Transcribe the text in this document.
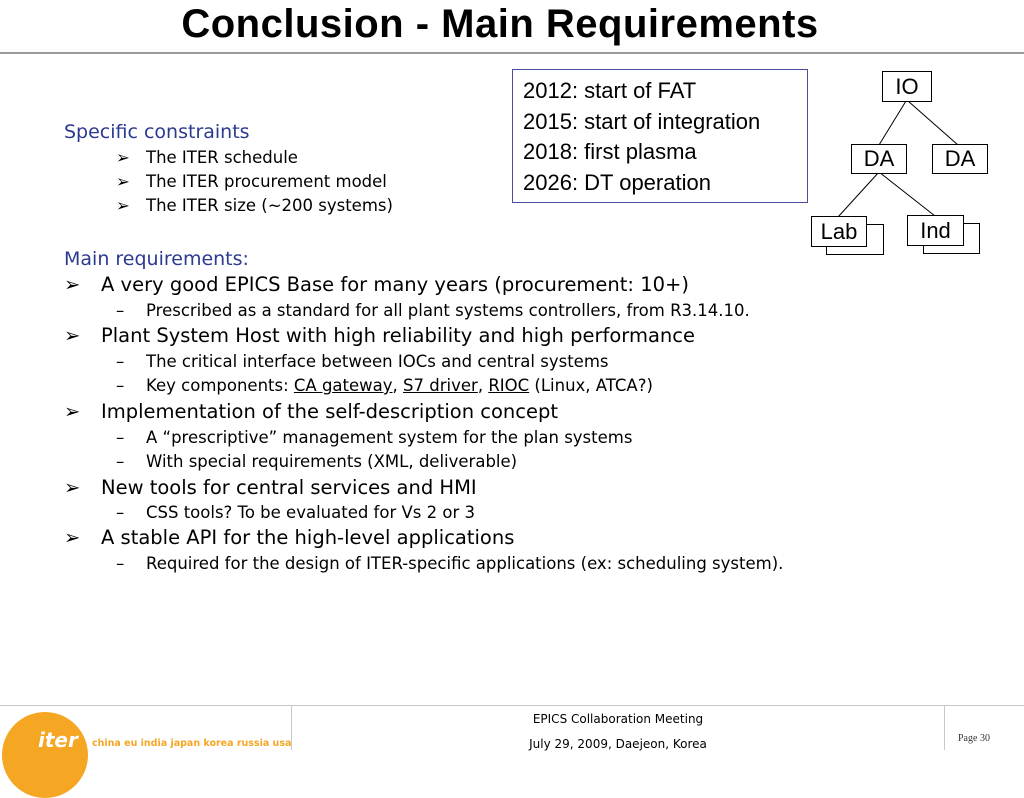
Conclusion - Main Requirements
2012: start of FAT
2015: start of integration
2018: first plasma
2026: DT operation
IO
DA	DA
Lab	Ind
Specific constraints
➢ The ITER schedule
➢ The ITER procurement model
➢ The ITER size (~200 systems)
Main requirements:
➢ A very good EPICS Base for many years (procurement: 10+)
– Prescribed as a standard for all plant systems controllers, from R3.14.10.
➢ Plant System Host with high reliability and high performance
– The critical interface between IOCs and central systems
– Key components: CA gateway, S7 driver, RIOC (Linux, ATCA?)
➢ Implementation of the self-description concept
– A “prescriptive” management system for the plan systems
– With special requirements (XML, deliverable)
➢ New tools for central services and HMI
– CSS tools? To be evaluated for Vs 2 or 3
➢ A stable API for the high-level applications
– Required for the design of ITER-specific applications (ex: scheduling system).
iter china eu india japan korea russia usa
EPICS Collaboration Meeting
July 29, 2009, Daejeon, Korea	Page 30
